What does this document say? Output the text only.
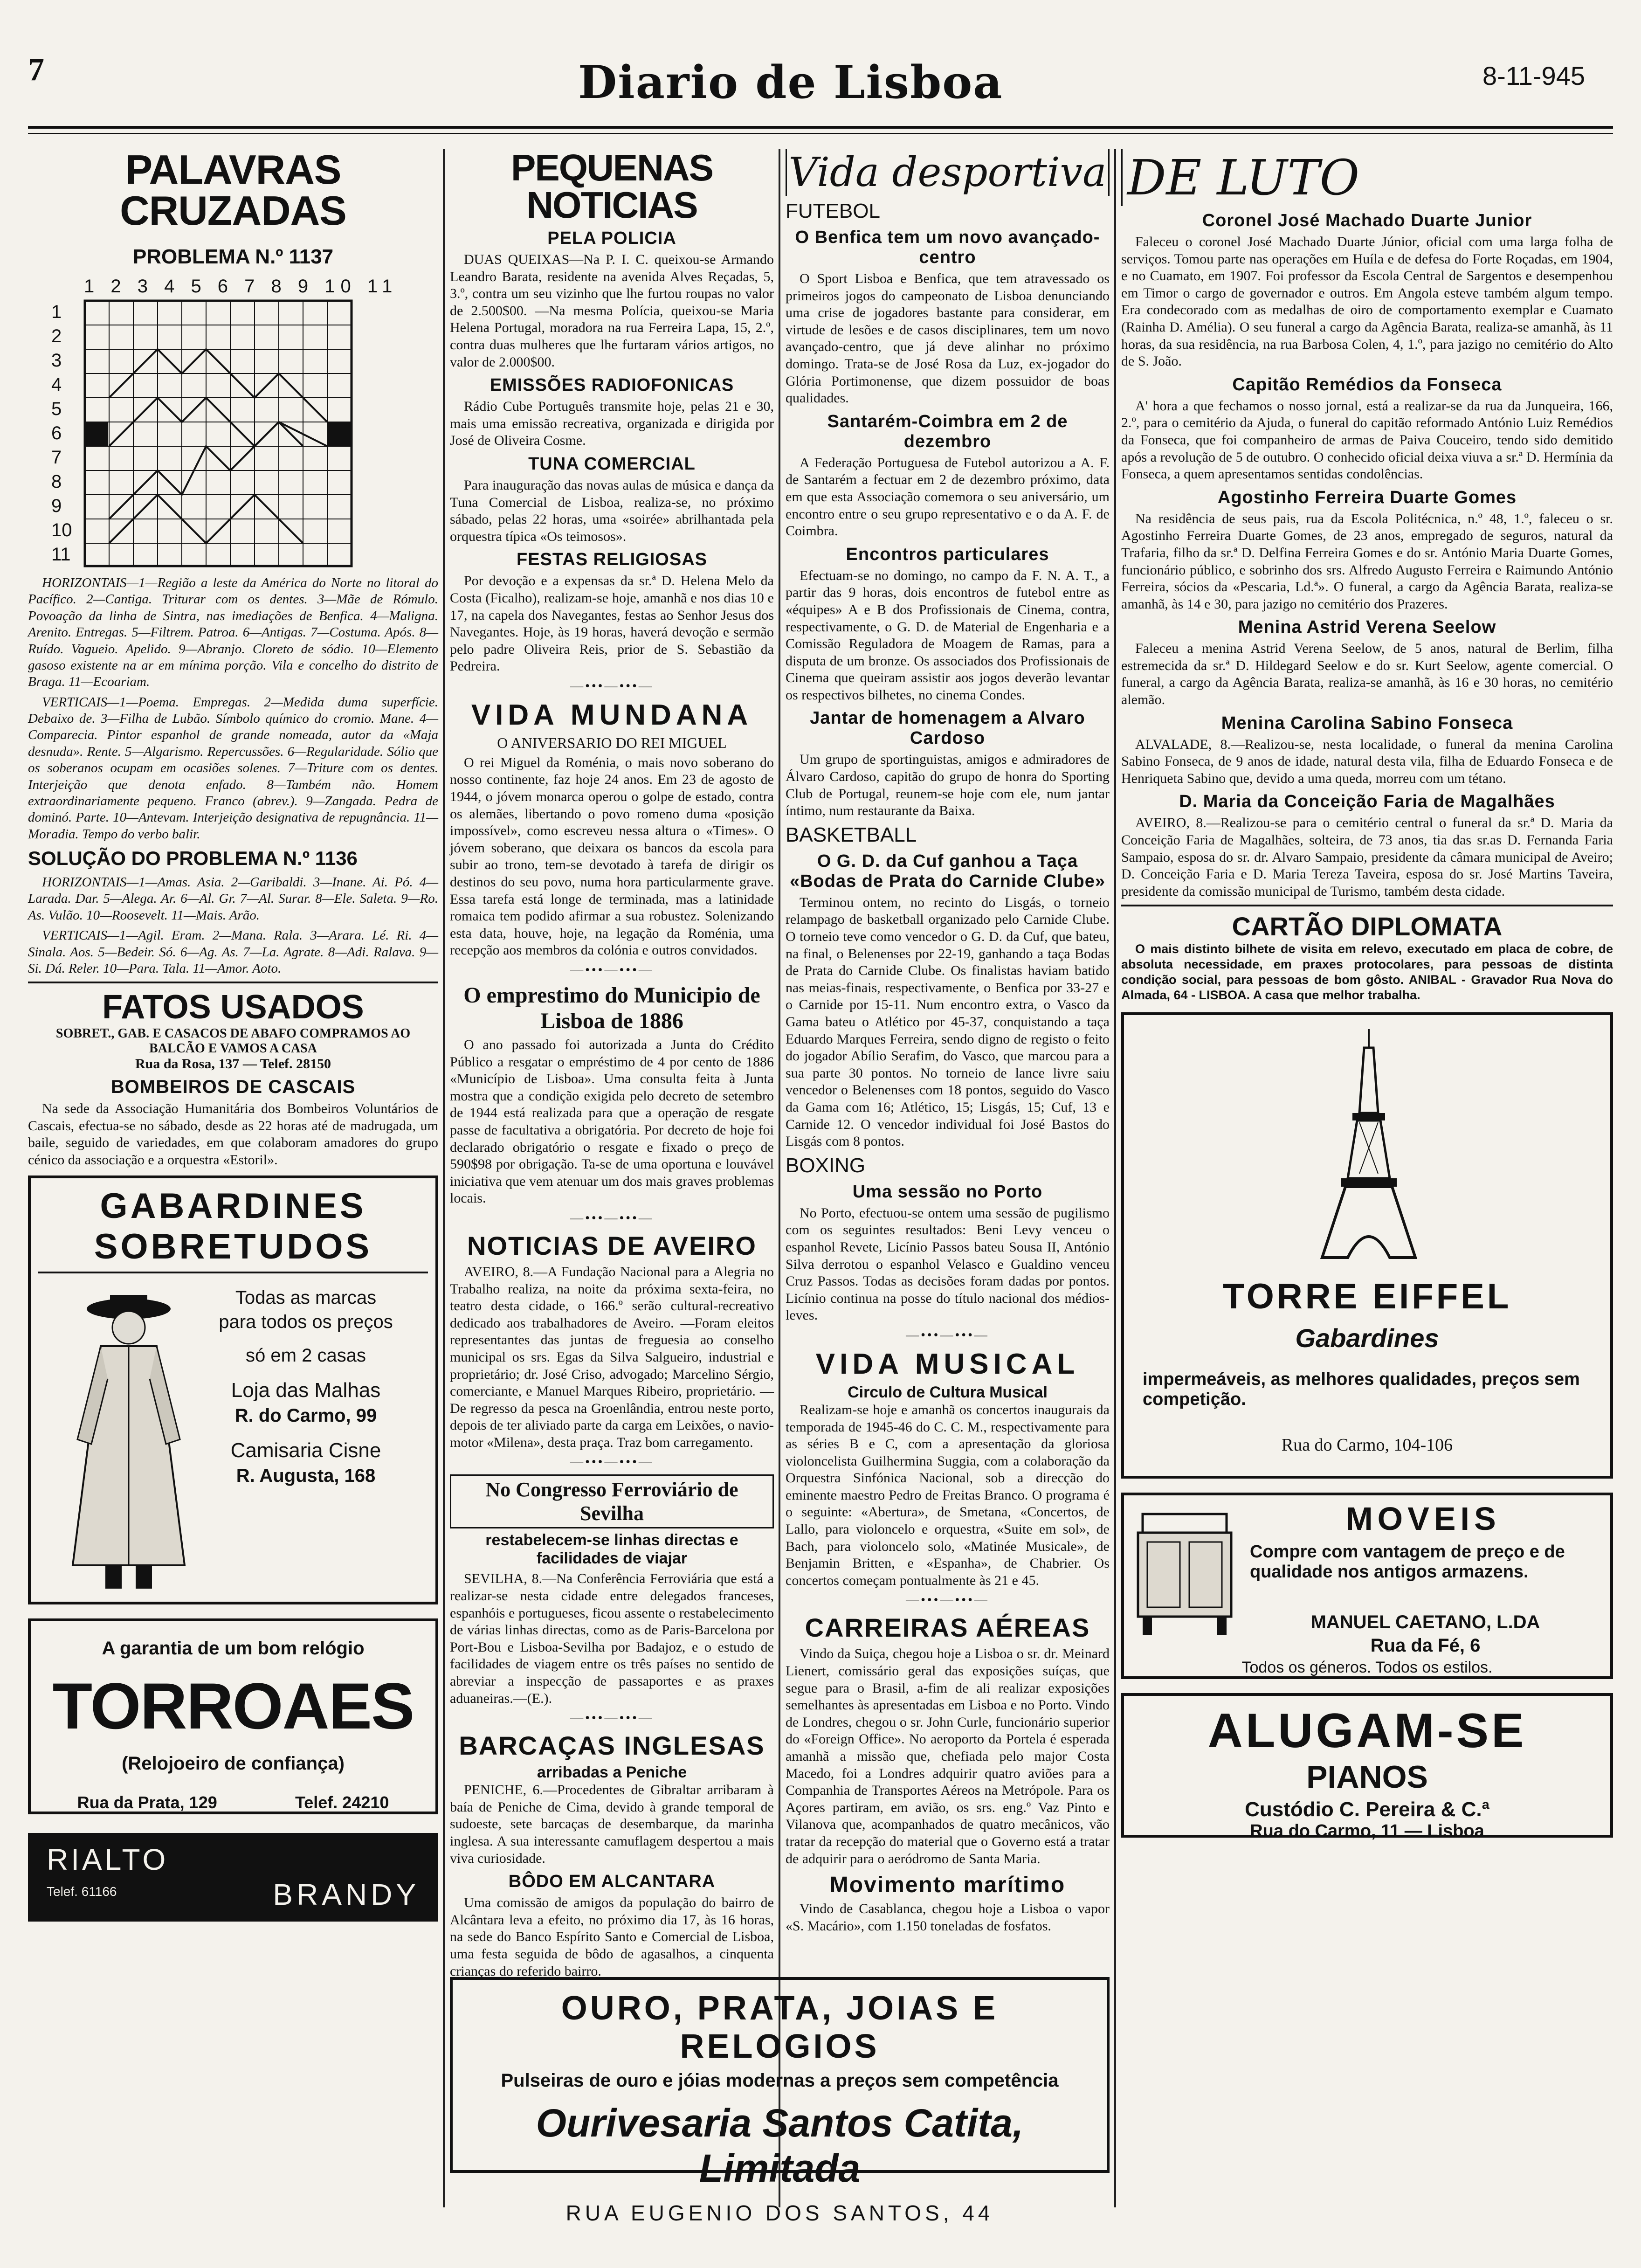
7	Diario de Lisboa	8-11-945
PALAVRAS CRUZADAS
PROBLEMA N.º 1137
1 2 3 4 5 6 7 8 9 10 11
1
2
3
4
5
6
7
8
9
10
11

HORIZONTAIS—1—Região a leste da América do Norte no litoral do Pacífico. 2—Cantiga. Triturar com os dentes. 3—Mãe de Rómulo. Povoação da linha de Sintra, nas imediações de Benfica. 4—Maligna. Arenito. Entregas. 5—Filtrem. Patroa. 6—Antigas. 7—Costuma. Após. 8—Ruído. Vagueio. Apelido. 9—Abranjo. Cloreto de sódio. 10—Elemento gasoso existente na ar em mínima porção. Vila e concelho do distrito de Braga. 11—Ecoariam.

VERTICAIS—1—Poema. Empregas. 2—Medida duma superfície. Debaixo de. 3—Filha de Lubão. Símbolo químico do cromio. Mane. 4—Comparecia. Pintor espanhol de grande nomeada, autor da «Maja desnuda». Rente. 5—Algarismo. Repercussões. 6—Regularidade. Sólio que os soberanos ocupam em ocasiões solenes. 7—Triture com os dentes. Interjeição que denota enfado. 8—Também não. Homem extraordinariamente pequeno. Franco (abrev.). 9—Zangada. Pedra de dominó. Parte. 10—Antevam. Interjeição designativa de repugnância. 11—Moradia. Tempo do verbo balir.

SOLUÇÃO DO PROBLEMA N.º 1136

HORIZONTAIS—1—Amas. Asia. 2—Garibaldi. 3—Inane. Ai. Pó. 4—Larada. Dar. 5—Alega. Ar. 6—Al. Gr. 7—Al. Surar. 8—Ele. Saleta. 9—Ro. As. Vulão. 10—Roosevelt. 11—Mais. Arão.

VERTICAIS—1—Agil. Eram. 2—Mana. Rala. 3—Arara. Lé. Ri. 4—Sinala. Aos. 5—Bedeir. Só. 6—Ag. As. 7—La. Agrate. 8—Adi. Ralava. 9—Si. Dá. Reler. 10—Para. Tala. 11—Amor. Aoto.

FATOS USADOS
SOBRET., GAB. E CASACOS DE ABAFO COMPRAMOS AO BALCÃO E VAMOS A CASA
Rua da Rosa, 137 — Telef. 28150
BOMBEIROS DE CASCAIS

Na sede da Associação Humanitária dos Bombeiros Voluntários de Cascais, efectua-se no sábado, desde as 22 horas até de madrugada, um baile, seguido de variedades, em que colaboram amadores do grupo cénico da associação e a orquestra «Estoril».

GABARDINES
SOBRETUDOS
Todas as marcas para todos os preços
só em 2 casas
Loja das Malhas
R. do Carmo, 99
Camisaria Cisne
R. Augusta, 168
A garantia de um bom relógio
TORROAES
(Relojoeiro de confiança)
Rua da Prata, 129	Telef. 24210
RIALTO
Telef. 61166	BRANDY
PEQUENAS NOTICIAS
PELA POLICIA

DUAS QUEIXAS—Na P. I. C. queixou-se Armando Leandro Barata, residente na avenida Alves Reçadas, 5, 3.º, contra um seu vizinho que lhe furtou roupas no valor de 2.500$00. —Na mesma Polícia, queixou-se Maria Helena Portugal, moradora na rua Ferreira Lapa, 15, 2.º, contra duas mulheres que lhe furtaram vários artigos, no valor de 2.000$00.

EMISSÕES RADIOFONICAS

Rádio Cube Português transmite hoje, pelas 21 e 30, mais uma emissão recreativa, organizada e dirigida por José de Oliveira Cosme.

TUNA COMERCIAL

Para inauguração das novas aulas de música e dança da Tuna Comercial de Lisboa, realiza-se, no próximo sábado, pelas 22 horas, uma «soirée» abrilhantada pela orquestra típica «Os teimosos».

FESTAS RELIGIOSAS

Por devoção e a expensas da sr.ª D. Helena Melo da Costa (Ficalho), realizam-se hoje, amanhã e nos dias 10 e 17, na capela dos Navegantes, festas ao Senhor Jesus dos Navegantes. Hoje, às 19 horas, haverá devoção e sermão pelo padre Oliveira Reis, prior de S. Sebastião da Pedreira.

—•••—•••—
VIDA MUNDANA
O ANIVERSARIO DO REI MIGUEL

O rei Miguel da Roménia, o mais novo soberano do nosso continente, faz hoje 24 anos. Em 23 de agosto de 1944, o jóvem monarca operou o golpe de estado, contra os alemães, libertando o povo romeno duma «posição impossível», como escreveu nessa altura o «Times». O jóvem soberano, que deixara os bancos da escola para subir ao trono, tem-se devotado à tarefa de dirigir os destinos do seu povo, numa hora particularmente grave. Essa tarefa está longe de terminada, mas a latinidade romaica tem podido afirmar a sua robustez. Solenizando esta data, houve, hoje, na legação da Roménia, uma recepção aos membros da colónia e outros convidados.

—•••—•••—
O emprestimo do Municipio de Lisboa de 1886

O ano passado foi autorizada a Junta do Crédito Público a resgatar o empréstimo de 4 por cento de 1886 «Município de Lisboa». Uma consulta feita à Junta mostra que a condição exigida pelo decreto de setembro de 1944 está realizada para que a operação de resgate passe de facultativa a obrigatória. Por decreto de hoje foi declarado obrigatório o resgate e fixado o preço de 590$98 por obrigação. Ta-se de uma oportuna e louvável iniciativa que vem atenuar um dos mais graves problemas locais.

—•••—•••—
NOTICIAS DE AVEIRO

AVEIRO, 8.—A Fundação Nacional para a Alegria no Trabalho realiza, na noite da próxima sexta-feira, no teatro desta cidade, o 166.º serão cultural-recreativo dedicado aos trabalhadores de Aveiro. —Foram eleitos representantes das juntas de freguesia ao conselho municipal os srs. Egas da Silva Salgueiro, industrial e proprietário; dr. José Criso, advogado; Marcelino Sérgio, comerciante, e Manuel Marques Ribeiro, proprietário. —De regresso da pesca na Groenlândia, entrou neste porto, depois de ter aliviado parte da carga em Leixões, o navio-motor «Milena», desta praça. Traz bom carregamento.

—•••—•••—
No Congresso Ferroviário de Sevilha
restabelecem-se linhas directas e facilidades de viajar

SEVILHA, 8.—Na Conferência Ferroviária que está a realizar-se nesta cidade entre delegados franceses, espanhóis e portugueses, ficou assente o restabelecimento de várias linhas directas, como as de Paris-Barcelona por Port-Bou e Lisboa-Sevilha por Badajoz, e o estudo de facilidades de viagem entre os três países no sentido de abreviar a inspecção de passaportes e as praxes aduaneiras.—(E.).

—•••—•••—
BARCAÇAS INGLESAS
arribadas a Peniche

PENICHE, 6.—Procedentes de Gibraltar arribaram à baía de Peniche de Cima, devido à grande temporal de sudoeste, sete barcaças de desembarque, da marinha inglesa. A sua interessante camuflagem despertou a mais viva curiosidade.

BÔDO EM ALCANTARA

Uma comissão de amigos da população do bairro de Alcântara leva a efeito, no próximo dia 17, às 16 horas, na sede do Banco Espírito Santo e Comercial de Lisboa, uma festa seguida de bôdo de agasalhos, a cinquenta crianças do referido bairro.

Vida desportiva
FUTEBOL
O Benfica tem um novo avançado-centro

O Sport Lisboa e Benfica, que tem atravessado os primeiros jogos do campeonato de Lisboa denunciando uma crise de jogadores bastante para considerar, em virtude de lesões e de casos disciplinares, tem um novo avançado-centro, que já deve alinhar no próximo domingo. Trata-se de José Rosa da Luz, ex-jogador do Glória Portimonense, que dizem possuidor de boas qualidades.

Santarém-Coimbra em 2 de dezembro

A Federação Portuguesa de Futebol autorizou a A. F. de Santarém a fectuar em 2 de dezembro próximo, data em que esta Associação comemora o seu aniversário, um encontro entre o seu grupo representativo e o da A. F. de Coimbra.

Encontros particulares

Efectuam-se no domingo, no campo da F. N. A. T., a partir das 9 horas, dois encontros de futebol entre as «équipes» A e B dos Profissionais de Cinema, contra, respectivamente, o G. D. de Material de Engenharia e a Comissão Reguladora de Moagem de Ramas, para a disputa de um bronze. Os associados dos Profissionais de Cinema que queiram assistir aos jogos deverão levantar os respectivos bilhetes, no cinema Condes.

Jantar de homenagem a Alvaro Cardoso

Um grupo de sportinguistas, amigos e admiradores de Álvaro Cardoso, capitão do grupo de honra do Sporting Club de Portugal, reunem-se hoje com ele, num jantar íntimo, num restaurante da Baixa.

BASKETBALL
O G. D. da Cuf ganhou a Taça «Bodas de Prata do Carnide Clube»

Terminou ontem, no recinto do Lisgás, o torneio relampago de basketball organizado pelo Carnide Clube. O torneio teve como vencedor o G. D. da Cuf, que bateu, na final, o Belenenses por 22-19, ganhando a taça Bodas de Prata do Carnide Clube. Os finalistas haviam batido nas meias-finais, respectivamente, o Benfica por 33-27 e o Carnide por 15-11. Num encontro extra, o Vasco da Gama bateu o Atlético por 45-37, conquistando a taça Eduardo Marques Ferreira, sendo digno de registo o feito do jogador Abílio Serafim, do Vasco, que marcou para a sua parte 30 pontos. No torneio de lance livre saiu vencedor o Belenenses com 18 pontos, seguido do Vasco da Gama com 16; Atlético, 15; Lisgás, 15; Cuf, 13 e Carnide 12. O vencedor individual foi José Bastos do Lisgás com 8 pontos.

BOXING
Uma sessão no Porto

No Porto, efectuou-se ontem uma sessão de pugilismo com os seguintes resultados: Beni Levy venceu o espanhol Revete, Licínio Passos bateu Sousa II, António Silva derrotou o espanhol Velasco e Gualdino venceu Cruz Passos. Todas as decisões foram dadas por pontos. Licínio continua na posse do título nacional dos médios-leves.

—•••—•••—
VIDA MUSICAL
Circulo de Cultura Musical

Realizam-se hoje e amanhã os concertos inaugurais da temporada de 1945-46 do C. C. M., respectivamente para as séries B e C, com a apresentação da gloriosa violoncelista Guilhermina Suggia, com a colaboração da Orquestra Sinfónica Nacional, sob a direcção do eminente maestro Pedro de Freitas Branco. O programa é o seguinte: «Abertura», de Smetana, «Concertos, de Lallo, para violoncelo e orquestra, «Suite em sol», de Bach, para violoncelo solo, «Matinée Musicale», de Benjamin Britten, e «Espanha», de Chabrier. Os concertos começam pontualmente às 21 e 45.

—•••—•••—
CARREIRAS AÉREAS

Vindo da Suiça, chegou hoje a Lisboa o sr. dr. Meinard Lienert, comissário geral das exposições suíças, que segue para o Brasil, a-fim de ali realizar exposições semelhantes às apresentadas em Lisboa e no Porto. Vindo de Londres, chegou o sr. John Curle, funcionário superior do «Foreign Office». No aeroporto da Portela é esperada amanhã a missão que, chefiada pelo major Costa Macedo, foi a Londres adquirir quatro aviões para a Companhia de Transportes Aéreos na Metrópole. Para os Açores partiram, em avião, os srs. eng.º Vaz Pinto e Vilanova que, acompanhados de quatro mecânicos, vão tratar da recepção do material que o Governo está a tratar de adquirir para o aeródromo de Santa Maria.

Movimento marítimo

Vindo de Casablanca, chegou hoje a Lisboa o vapor «S. Macário», com 1.150 toneladas de fosfatos.

OURO, PRATA, JOIAS E RELOGIOS
Pulseiras de ouro e jóias modernas a preços sem competência
Ourivesaria Santos Catita, Limitada
RUA EUGENIO DOS SANTOS, 44
DE LUTO
Coronel José Machado Duarte Junior

Faleceu o coronel José Machado Duarte Júnior, oficial com uma larga folha de serviços. Tomou parte nas operações em Huíla e de defesa do Forte Roçadas, em 1904, e no Cuamato, em 1907. Foi professor da Escola Central de Sargentos e desempenhou em Timor o cargo de governador e outros. Em Angola esteve também algum tempo. Era condecorado com as medalhas de oiro de comportamento exemplar e Cuamato (Rainha D. Amélia). O seu funeral a cargo da Agência Barata, realiza-se amanhã, às 11 horas, da sua residência, na rua Barbosa Colen, 4, 1.º, para jazigo no cemitério do Alto de S. João.

Capitão Remédios da Fonseca

A' hora a que fechamos o nosso jornal, está a realizar-se da rua da Junqueira, 166, 2.º, para o cemitério da Ajuda, o funeral do capitão reformado António Luiz Remédios da Fonseca, que foi companheiro de armas de Paiva Couceiro, tendo sido demitido após a revolução de 5 de outubro. O conhecido oficial deixa viuva a sr.ª D. Hermínia da Fonseca, a quem apresentamos sentidas condolências.

Agostinho Ferreira Duarte Gomes

Na residência de seus pais, rua da Escola Politécnica, n.º 48, 1.º, faleceu o sr. Agostinho Ferreira Duarte Gomes, de 23 anos, empregado de seguros, natural da Trafaria, filho da sr.ª D. Delfina Ferreira Gomes e do sr. António Maria Duarte Gomes, funcionário público, e sobrinho dos srs. Alfredo Augusto Ferreira e Raimundo António Ferreira, sócios da «Pescaria, Ld.ª». O funeral, a cargo da Agência Barata, realiza-se amanhã, às 14 e 30, para jazigo no cemitério dos Prazeres.

Menina Astrid Verena Seelow

Faleceu a menina Astrid Verena Seelow, de 5 anos, natural de Berlim, filha estremecida da sr.ª D. Hildegard Seelow e do sr. Kurt Seelow, agente comercial. O funeral, a cargo da Agência Barata, realiza-se amanhã, às 16 e 30 horas, no cemitério alemão.

Menina Carolina Sabino Fonseca

ALVALADE, 8.—Realizou-se, nesta localidade, o funeral da menina Carolina Sabino Fonseca, de 9 anos de idade, natural desta vila, filha de Eduardo Fonseca e de Henriqueta Sabino que, devido a uma queda, morreu com um tétano.

D. Maria da Conceição Faria de Magalhães

AVEIRO, 8.—Realizou-se para o cemitério central o funeral da sr.ª D. Maria da Conceição Faria de Magalhães, solteira, de 73 anos, tia das sr.as D. Fernanda Faria Sampaio, esposa do sr. dr. Alvaro Sampaio, presidente da câmara municipal de Aveiro; D. Conceição Faria e D. Maria Tereza Taveira, esposa do sr. José Martins Taveira, presidente da comissão municipal de Turismo, também desta cidade.

CARTÃO DIPLOMATA

O mais distinto bilhete de visita em relevo, executado em placa de cobre, de absoluta necessidade, em praxes protocolares, para pessoas de distinta condição social, para pessoas de bom gôsto. ANIBAL - Gravador Rua Nova do Almada, 64 - LISBOA. A casa que melhor trabalha.

TORRE EIFFEL
Gabardines
impermeáveis, as melhores qualidades, preços sem competição.
Rua do Carmo, 104-106
MOVEIS
Compre com vantagem de preço e de qualidade nos antigos armazens.
MANUEL CAETANO, L.DA
Rua da Fé, 6
Todos os géneros. Todos os estilos.
ALUGAM-SE
PIANOS
Custódio C. Pereira & C.ª
Rua do Carmo, 11 — Lisboa
